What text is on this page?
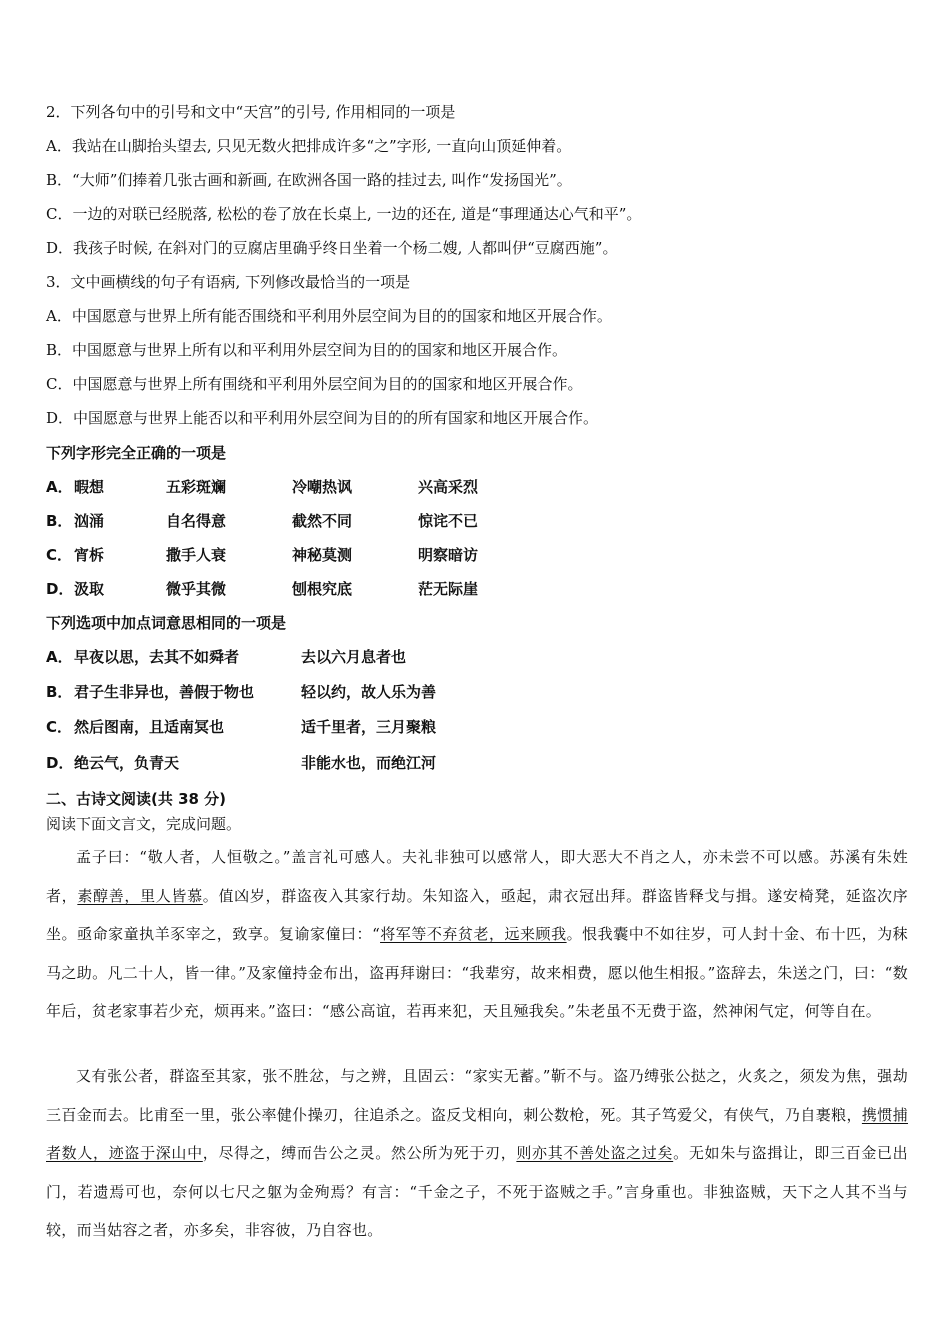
2．下列各句中的引号和文中“天宫”的引号, 作用相同的一项是
A．我站在山脚抬头望去, 只见无数火把排成许多“之”字形, 一直向山顶延伸着。
B．“大师”们捧着几张古画和新画, 在欧洲各国一路的挂过去, 叫作“发扬国光”。
C．一边的对联已经脱落, 松松的卷了放在长桌上, 一边的还在, 道是“事理通达心气和平”。
D．我孩子时候, 在斜对门的豆腐店里确乎终日坐着一个杨二嫂, 人都叫伊“豆腐西施”。
3．文中画横线的句子有语病, 下列修改最恰当的一项是
A．中国愿意与世界上所有能否围绕和平利用外层空间为目的的国家和地区开展合作。
B．中国愿意与世界上所有以和平利用外层空间为目的的国家和地区开展合作。
C．中国愿意与世界上所有围绕和平利用外层空间为目的的国家和地区开展合作。
D．中国愿意与世界上能否以和平利用外层空间为目的的所有国家和地区开展合作。
下列字形完全正确的一项是
A． 暇想	五彩斑斓	冷嘲热讽	兴高采烈
B． 汹涌	自名得意	截然不同	惊诧不已
C． 宵柝	撒手人衰	神秘莫测	明察暗访
D． 汲取	微乎其微	刨根究底	茫无际崖
下列选项中加点词意思相同的一项是
A． 早夜以思，去其不如舜者	去以六月息者也
B． 君子生非异也，善假于物也	轻以约，故人乐为善
C． 然后图南，且适南冥也	适千里者，三月聚粮
D． 绝云气，负青天	非能水也，而绝江河
二、古诗文阅读(共 38 分)
阅读下面文言文，完成问题。
孟子曰：“敬人者，人恒敬之。”盖言礼可感人。夫礼非独可以感常人，即大恶大不肖之人，亦未尝不可以感。苏溪有朱姓者，素醇善，里人皆慕。值凶岁，群盗夜入其家行劫。朱知盗入，亟起，肃衣冠出拜。群盗皆释戈与揖。遂安椅凳，延盗次序坐。亟命家童执羊豕宰之，致享。复谕家僮曰：“将军等不弃贫老，远来顾我。恨我囊中不如往岁，可人封十金、布十匹，为秣马之助。凡二十人，皆一律。”及家僮持金布出，盗再拜谢曰：“我辈穷，故来相费，愿以他生相报。”盗辞去，朱送之门，曰：“数年后，贫老家事若少充，烦再来。”盗曰：“感公高谊，若再来犯，天且殛我矣。”朱老虽不无费于盗，然神闲气定，何等自在。
又有张公者，群盗至其家，张不胜忿，与之辨，且固云：“家实无蓄。”靳不与。盗乃缚张公挞之，火炙之，须发为焦，强劫三百金而去。比甫至一里，张公率健仆操刃，往追杀之。盗反戈相向，刺公数枪，死。其子笃爱父，有侠气，乃自裹粮，携惯捕者数人，迹盗于深山中，尽得之，缚而告公之灵。然公所为死于刃，则亦其不善处盗之过矣。无如朱与盗揖让，即三百金已出门，若遗焉可也，奈何以七尺之躯为金殉焉？有言：“千金之子，不死于盗贼之手。”言身重也。非独盗贼，天下之人其不当与较，而当姑容之者，亦多矣，非容彼，乃自容也。
